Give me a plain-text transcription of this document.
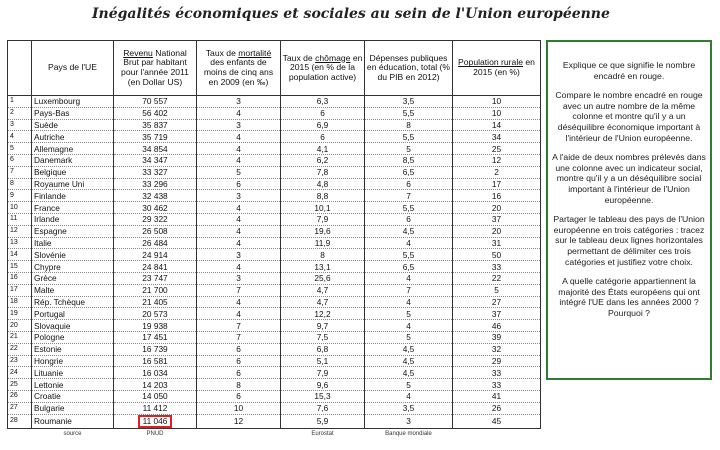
Inégalités économiques et sociales au sein de l'Union européenne
	Pays de l'UE	Revenu National Brut par habitant pour l'année 2011 (en Dollar US)	Taux de mortalité des enfants de moins de cinq ans en 2009 (en ‰)	Taux de chômage en 2015 (en % de la population active)	Dépenses publiques en éducation, total (% du PIB en 2012)	Population rurale en 2015 (en %)
1	Luxembourg	70 557	3	6,3	3,5	10
2	Pays-Bas	56 402	4	6	5,5	10
3	Suède	35 837	3	6,9	8	14
4	Autriche	35 719	4	6	5,5	34
5	Allemagne	34 854	4	4,1	5	25
6	Danemark	34 347	4	6,2	8,5	12
7	Belgique	33 327	5	7,8	6,5	2
8	Royaume Uni	33 296	6	4,8	6	17
9	Finlande	32 438	3	8,8	7	16
10	France	30 462	4	10,1	5,5	20
11	Irlande	29 322	4	7,9	6	37
12	Espagne	26 508	4	19,6	4,5	20
13	Italie	26 484	4	11,9	4	31
14	Slovénie	24 914	3	8	5,5	50
15	Chypre	24 841	4	13,1	6,5	33
16	Grèce	23 747	3	25,6	4	22
17	Malte	21 700	7	4,7	7	5
18	Rép. Tchèque	21 405	4	4,7	4	27
19	Portugal	20 573	4	12,2	5	37
20	Slovaquie	19 938	7	9,7	4	46
21	Pologne	17 451	7	7,5	5	39
22	Estonie	16 739	6	6,8	4,5	32
23	Hongrie	16 581	6	5,1	4,5	29
24	Lituanie	16 034	6	7,9	4,5	33
25	Lettonie	14 203	8	9,6	5	33
26	Croatie	14 050	6	15,3	4	41
27	Bulgarie	11 412	10	7,6	3,5	26
28	Roumanie	11 046	12	5,9	3	45
	source	PNUD		Eurostat	Banque mondiale	

Explique ce que signifie le nombre encadré en rouge.

Compare le nombre encadré en rouge avec un autre nombre de la même colonne et montre qu'il y a un déséquilibre économique important à l'intérieur de l'Union européenne.

A l'aide de deux nombres prélevés dans une colonne avec un indicateur social, montre qu'il y a un déséquilibre social important à l'intérieur de l'Union européenne.

Partager le tableau des pays de l'Union européenne en trois catégories : tracez sur le tableau deux lignes horizontales permettant de délimiter ces trois catégories et justifiez votre choix.

A quelle catégorie appartiennent la majorité des États européens qui ont intégré l'UE dans les années 2000 ? Pourquoi ?
